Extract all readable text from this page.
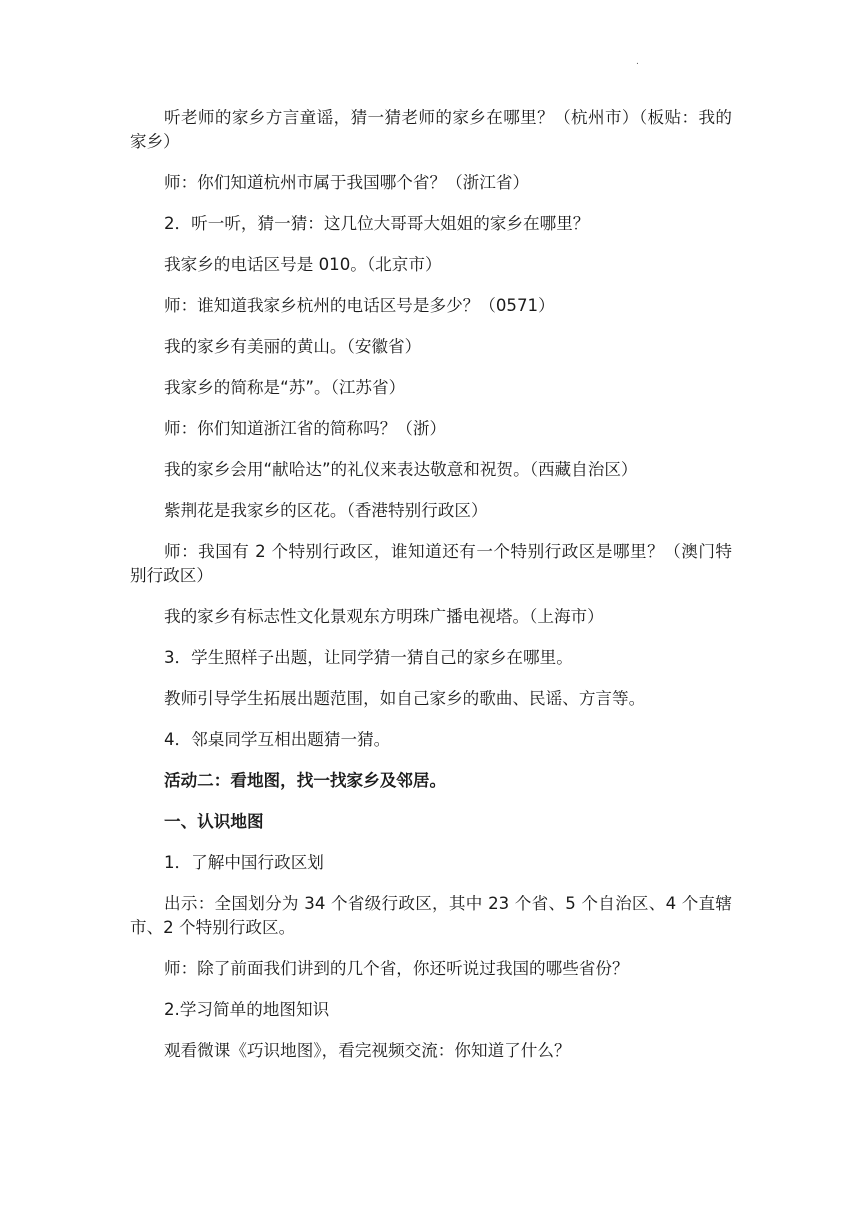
.

听老师的家乡方言童谣，猜一猜老师的家乡在哪里？（杭州市）（板贴：我的家乡）

师：你们知道杭州市属于我国哪个省？（浙江省）

2．听一听，猜一猜：这几位大哥哥大姐姐的家乡在哪里？

我家乡的电话区号是 010。（北京市）

师：谁知道我家乡杭州的电话区号是多少？（0571）

我的家乡有美丽的黄山。（安徽省）

我家乡的简称是“苏”。（江苏省）

师：你们知道浙江省的简称吗？（浙）

我的家乡会用“献哈达”的礼仪来表达敬意和祝贺。（西藏自治区）

紫荆花是我家乡的区花。（香港特别行政区）

师：我国有 2 个特别行政区，谁知道还有一个特别行政区是哪里？（澳门特别行政区）

我的家乡有标志性文化景观东方明珠广播电视塔。（上海市）

3．学生照样子出题，让同学猜一猜自己的家乡在哪里。

教师引导学生拓展出题范围，如自己家乡的歌曲、民谣、方言等。

4．邻桌同学互相出题猜一猜。

活动二：看地图，找一找家乡及邻居。

一、认识地图

1．了解中国行政区划

出示：全国划分为 34 个省级行政区，其中 23 个省、5 个自治区、4 个直辖市、2 个特别行政区。

师：除了前面我们讲到的几个省，你还听说过我国的哪些省份？

2.学习简单的地图知识

观看微课《巧识地图》，看完视频交流：你知道了什么？
